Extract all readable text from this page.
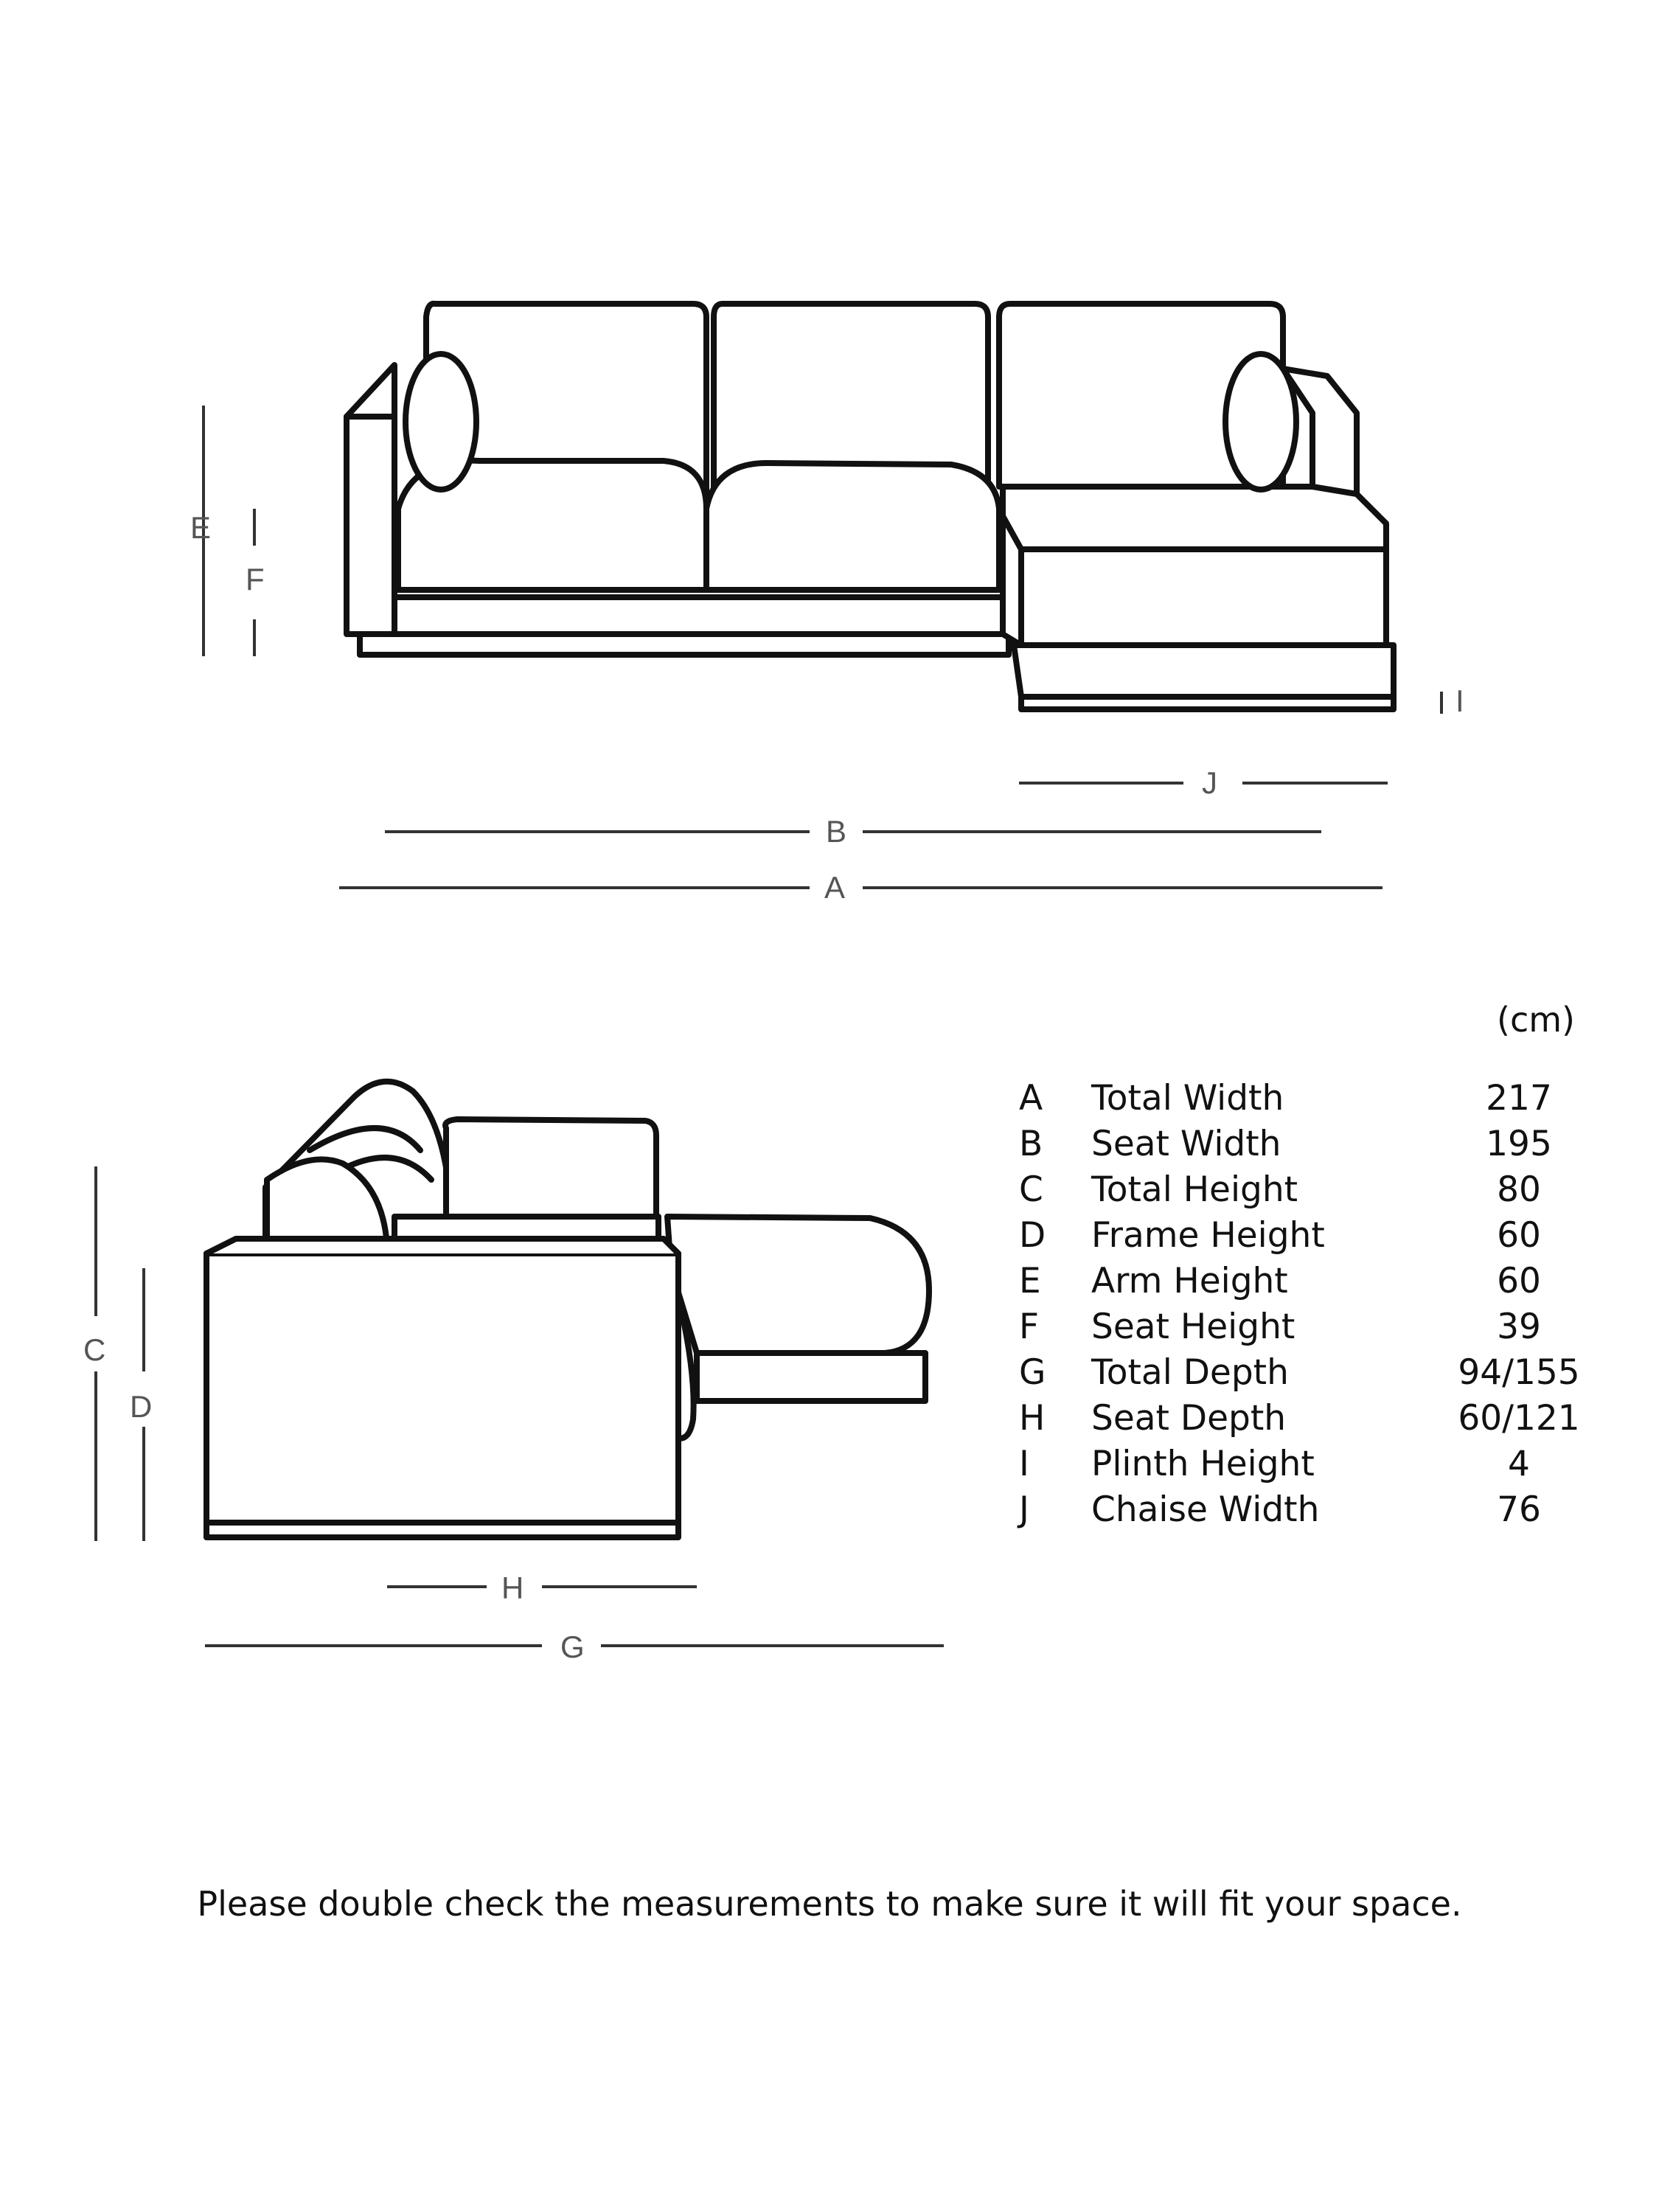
E
F
I
J
B
A
C
D
H
G
(cm)
A Total Width	217
B Seat Width	195
C Total Height	80
D Frame Height	60
E Arm Height	60
F Seat Height	39
G Total Depth	94/155
H Seat Depth	60/121
I Plinth Height	4
J Chaise Width	76
Please double check the measurements to make sure it will fit your space.
